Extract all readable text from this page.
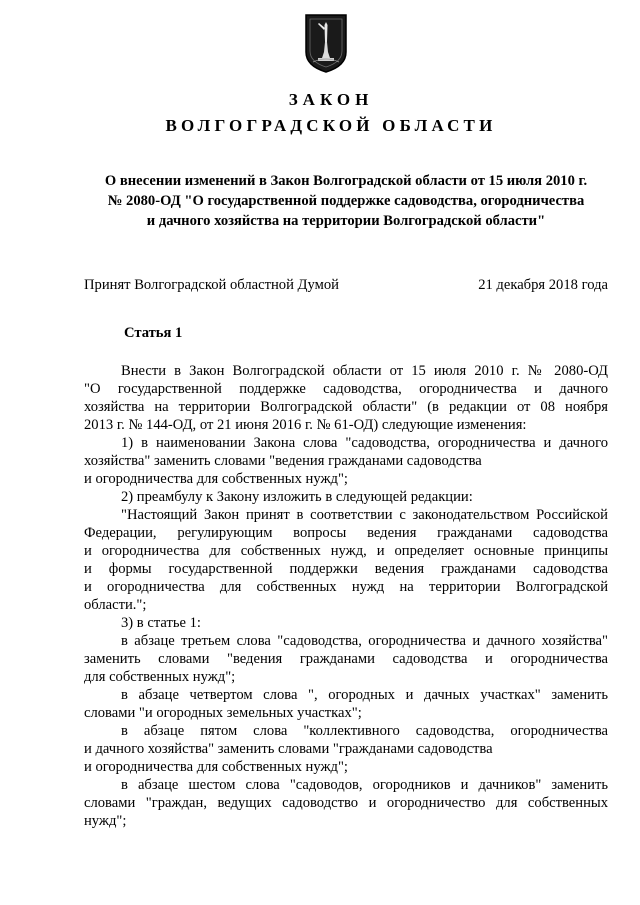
ЗАКОН
ВОЛГОГРАДСКОЙ ОБЛАСТИ
О внесении изменений в Закон Волгоградской области от 15 июля 2010 г.
№ 2080-ОД "О государственной поддержке садоводства, огородничества
и дачного хозяйства на территории Волгоградской области"
Принят Волгоградской областной Думой	21 декабря 2018 года
Статья 1
Внести в Закон Волгоградской области от 15 июля 2010 г. № 2080-ОД
"О государственной поддержке садоводства, огородничества и дачного
хозяйства на территории Волгоградской области" (в редакции от 08 ноября
2013 г. № 144-ОД, от 21 июня 2016 г. № 61-ОД) следующие изменения:
1) в наименовании Закона слова "садоводства, огородничества и дачного
хозяйства" заменить словами "ведения гражданами садоводства
и огородничества для собственных нужд";
2) преамбулу к Закону изложить в следующей редакции:
"Настоящий Закон принят в соответствии с законодательством Российской
Федерации, регулирующим вопросы ведения гражданами садоводства
и огородничества для собственных нужд, и определяет основные принципы
и формы государственной поддержки ведения гражданами садоводства
и огородничества для собственных нужд на территории Волгоградской
области.";
3) в статье 1:
в абзаце третьем слова "садоводства, огородничества и дачного хозяйства"
заменить словами "ведения гражданами садоводства и огородничества
для собственных нужд";
в абзаце четвертом слова ", огородных и дачных участках" заменить
словами "и огородных земельных участках";
в абзаце пятом слова "коллективного садоводства, огородничества
и дачного хозяйства" заменить словами "гражданами садоводства
и огородничества для собственных нужд";
в абзаце шестом слова "садоводов, огородников и дачников" заменить
словами "граждан, ведущих садоводство и огородничество для собственных
нужд";
